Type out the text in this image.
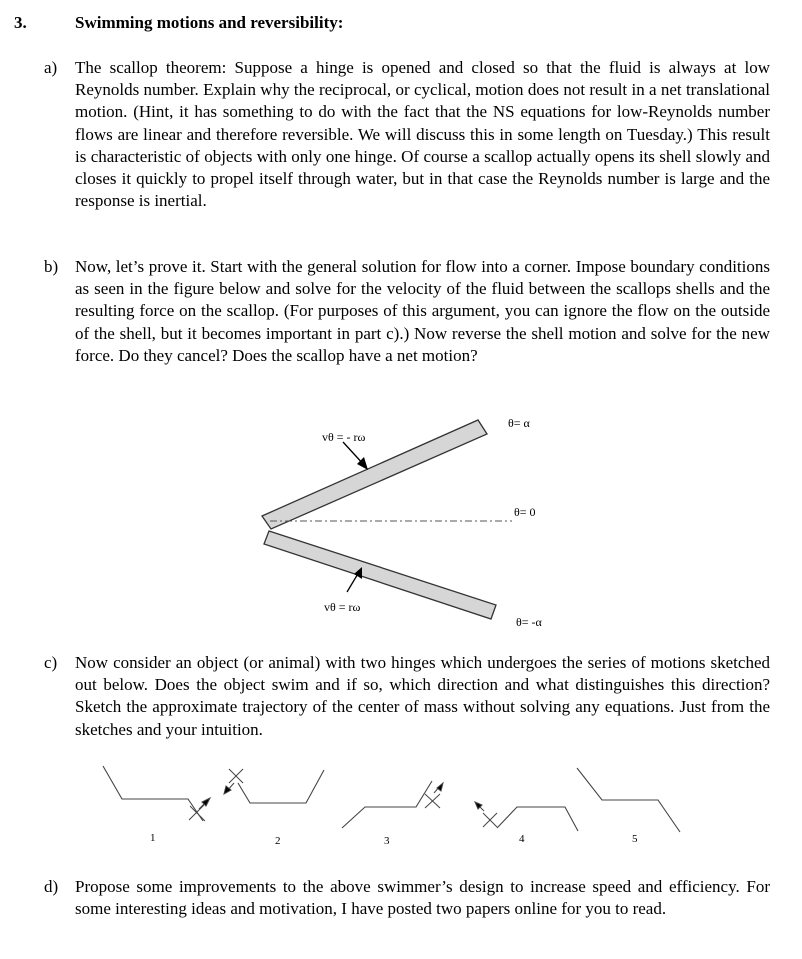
3.	Swimming motions and reversibility:
a) The scallop theorem: Suppose a hinge is opened and closed so that the fluid is always at low Reynolds number. Explain why the reciprocal, or cyclical, motion does not result in a net translational motion. (Hint, it has something to do with the fact that the NS equations for low-Reynolds number flows are linear and therefore reversible. We will discuss this in some length on Tuesday.) This result is characteristic of objects with only one hinge. Of course a scallop actually opens its shell slowly and closes it quickly to propel itself through water, but in that case the Reynolds number is large and the response is inertial.
b) Now, let’s prove it. Start with the general solution for flow into a corner. Impose boundary conditions as seen in the figure below and solve for the velocity of the fluid between the scallops shells and the resulting force on the scallop. (For purposes of this argument, you can ignore the flow on the outside of the shell, but it becomes important in part c).) Now reverse the shell motion and solve for the new force. Do they cancel? Does the scallop have a net motion?
vθ = - rω
vθ = rω
θ= α
θ= 0
θ= -α
c) Now consider an object (or animal) with two hinges which undergoes the series of motions sketched out below. Does the object swim and if so, which direction and what distinguishes this direction? Sketch the approximate trajectory of the center of mass without solving any equations. Just from the sketches and your intuition.
1	2	3	4	5
d) Propose some improvements to the above swimmer’s design to increase speed and efficiency. For some interesting ideas and motivation, I have posted two papers online for you to read.
